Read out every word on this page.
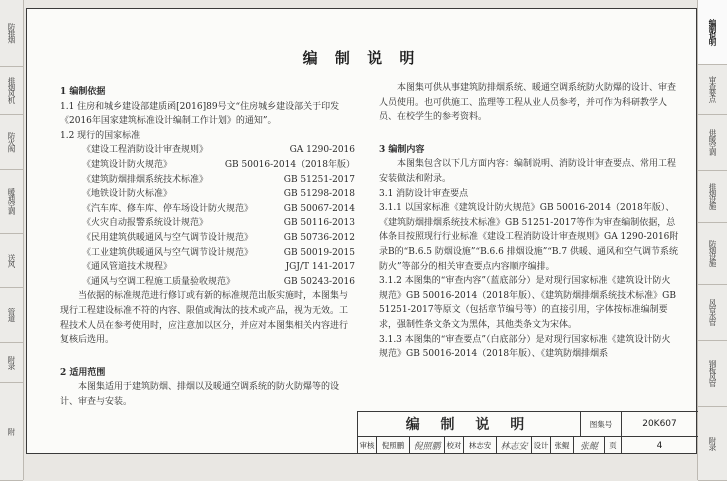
防排烟
排烟风机
防火阀
暖通空调
送风
管道
附录
附
编制说明
审查要点
供暖空调
排烟设施
防烟设施
风管水管
钢板风管
附录
编 制 说 明

1 编制依据

1.1 住房和城乡建设部建质函[2016]89号文“住房城乡建设部关于印发《2016年国家建筑标准设计编制工作计划》的通知”。

1.2 现行的国家标准

《建设工程消防设计审查规则》	GA 1290-2016
《建筑设计防火规范》	GB 50016-2014（2018年版）
《建筑防烟排烟系统技术标准》	GB 51251-2017
《地铁设计防火标准》	GB 51298-2018
《汽车库、修车库、停车场设计防火规范》	GB 50067-2014
《火灾自动报警系统设计规范》	GB 50116-2013
《民用建筑供暖通风与空气调节设计规范》	GB 50736-2012
《工业建筑供暖通风与空气调节设计规范》	GB 50019-2015
《通风管道技术规程》	JGJ/T 141-2017
《通风与空调工程施工质量验收规范》	GB 50243-2016

当依据的标准规范进行修订或有新的标准规范出版实施时，本图集与现行工程建设标准不符的内容、限值或淘汰的技术或产品，视为无效。工程技术人员在参考使用时，应注意加以区分，并应对本图集相关内容进行复核后选用。

2 适用范围

本图集适用于建筑防烟、排烟以及暖通空调系统的防火防爆等的设计、审查与安装。

本图集可供从事建筑防排烟系统、暖通空调系统防火防爆的设计、审查人员使用。也可供施工、监理等工程从业人员参考，并可作为科研教学人员、在校学生的参考资料。

3 编制内容

本图集包含以下几方面内容：编制说明、消防设计审查要点、常用工程安装做法和附录。

3.1 消防设计审查要点

3.1.1 以国家标准《建筑设计防火规范》GB 50016-2014（2018年版）、《建筑防烟排烟系统技术标准》GB 51251-2017等作为审查编制依据，总体条目按照现行行业标准《建设工程消防设计审查规则》GA 1290-2016附录B的“B.6.5 防烟设施”“B.6.6 排烟设施”“B.7 供暖、通风和空气调节系统防火”等部分的相关审查要点内容顺序编排。

3.1.2 本图集的“审查内容”（蓝底部分）是对现行国家标准《建筑设计防火规范》GB 50016-2014（2018年版）、《建筑防烟排烟系统技术标准》GB 51251-2017等原文（包括章节编号等）的直接引用，字体按标准编制要求，强制性条文条文为黑体，其他类条文为宋体。

3.1.3 本图集的“审查要点”（白底部分）是对现行国家标准《建筑设计防火规范》GB 50016-2014（2018年版）、《建筑防烟排烟系

编 制 说 明	图集号	20K607
审核 倪照鹏	倪照鹏 校对 林志安	林志安 设计 张鲲	张鲲	页	4
